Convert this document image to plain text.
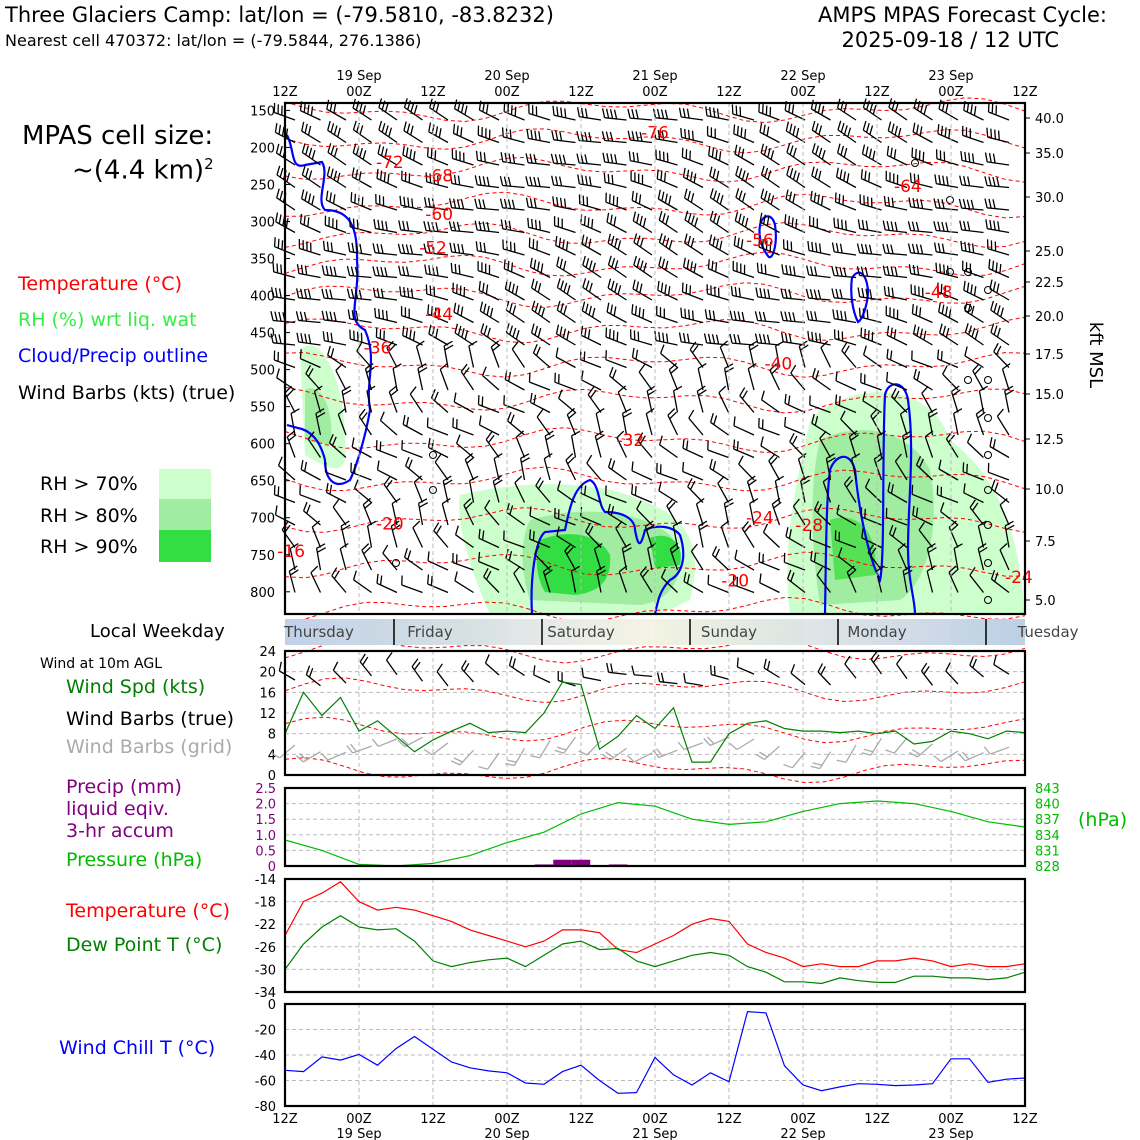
Three Glaciers Camp: lat/lon = (-79.5810, -83.8232)
Nearest cell 470372: lat/lon = (-79.5844, 276.1386)
AMPS MPAS Forecast Cycle:
2025-09-18 / 12 UTC
MPAS cell size:
~(4.4 km)$^2$
Temperature (°C)
RH (%) wrt liq. wat
Cloud/Precip outline
Wind Barbs (kts) (true)
RH > 70%
RH > 80%
RH > 90%
Local Weekday
Wind at 10m AGL
Wind Spd (kts)
Wind Barbs (true)
Wind Barbs (grid)
Precip (mm)
liquid eqiv.
3-hr accum
Pressure (hPa)
Temperature (°C)
Dew Point T (°C)
Wind Chill T (°C)
19 Sep	20 Sep	21 Sep	22 Sep	23 Sep
12Z	00Z	12Z	00Z	12Z	00Z	12Z	00Z	12Z	00Z	12Z
-76
-72
-68
-64
-60
-56
-52
-48
-44
-40
-36
-32
-28
-24
-24
-20
-20
-16
150
200
250
300
350
400
450
500
550
600
650
700
750
800
40.0
35.0
30.0
25.0
22.5
20.0
17.5
15.0
12.5
10.0
7.5
5.0
kft MSL
Thursday	Friday	Saturday	Sunday	Monday	Tuesday
0
4
8
12
16
20
24
0
0.5
1.0
1.5
2.0
2.5
828
831
834
837
840
843
(hPa)
-14
-18
-22
-26
-30
-34
0
-20
-40
-60
-80
12Z	00Z	12Z	00Z	12Z	00Z	12Z	00Z	12Z	00Z	12Z
19 Sep	20 Sep	21 Sep	22 Sep	23 Sep
